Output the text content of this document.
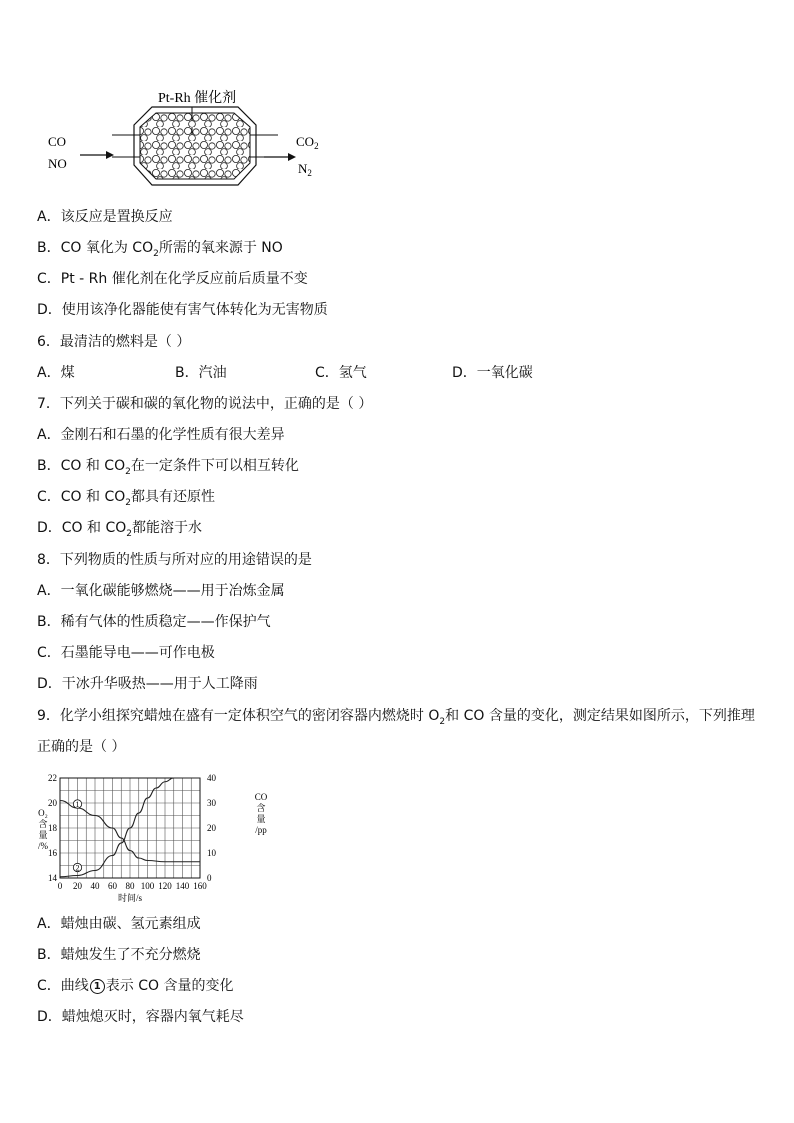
Pt-Rh 催化剂
CO
NO
$CO_2$
$N_2$
A．该反应是置换反应
B．CO 氧化为 $CO_2$所需的氧来源于 NO
C．Pt - Rh 催化剂在化学反应前后质量不变
D．使用该净化器能使有害气体转化为无害物质
6．最清洁的燃料是（ ）
A．煤	B．汽油	C．氢气	D．一氧化碳
7．下列关于碳和碳的氧化物的说法中，正确的是（ ）
A．金刚石和石墨的化学性质有很大差异
B．CO 和 $CO_2$在一定条件下可以相互转化
C．CO 和 $CO_2$都具有还原性
D．CO 和 $CO_2$都能溶于水
8．下列物质的性质与所对应的用途错误的是
A．一氧化碳能够燃烧——用于冶炼金属
B．稀有气体的性质稳定——作保护气
C．石墨能导电——可作电极
D．干冰升华吸热——用于人工降雨
9．化学小组探究蜡烛在盛有一定体积空气的密闭容器内燃烧时 $O_2$和 CO 含量的变化，测定结果如图所示，下列推理
正确的是（ ）
0 20 40 60 80 100 120 140 160
14
16
18
20
22
0
10
20
30
40
时间/s
O₂
含
量
/%
CO
含
量
/pp
1
2
A．蜡烛由碳、氢元素组成
B．蜡烛发生了不充分燃烧
C．曲线 1 表示 CO 含量的变化
D．蜡烛熄灭时，容器内氧气耗尽
